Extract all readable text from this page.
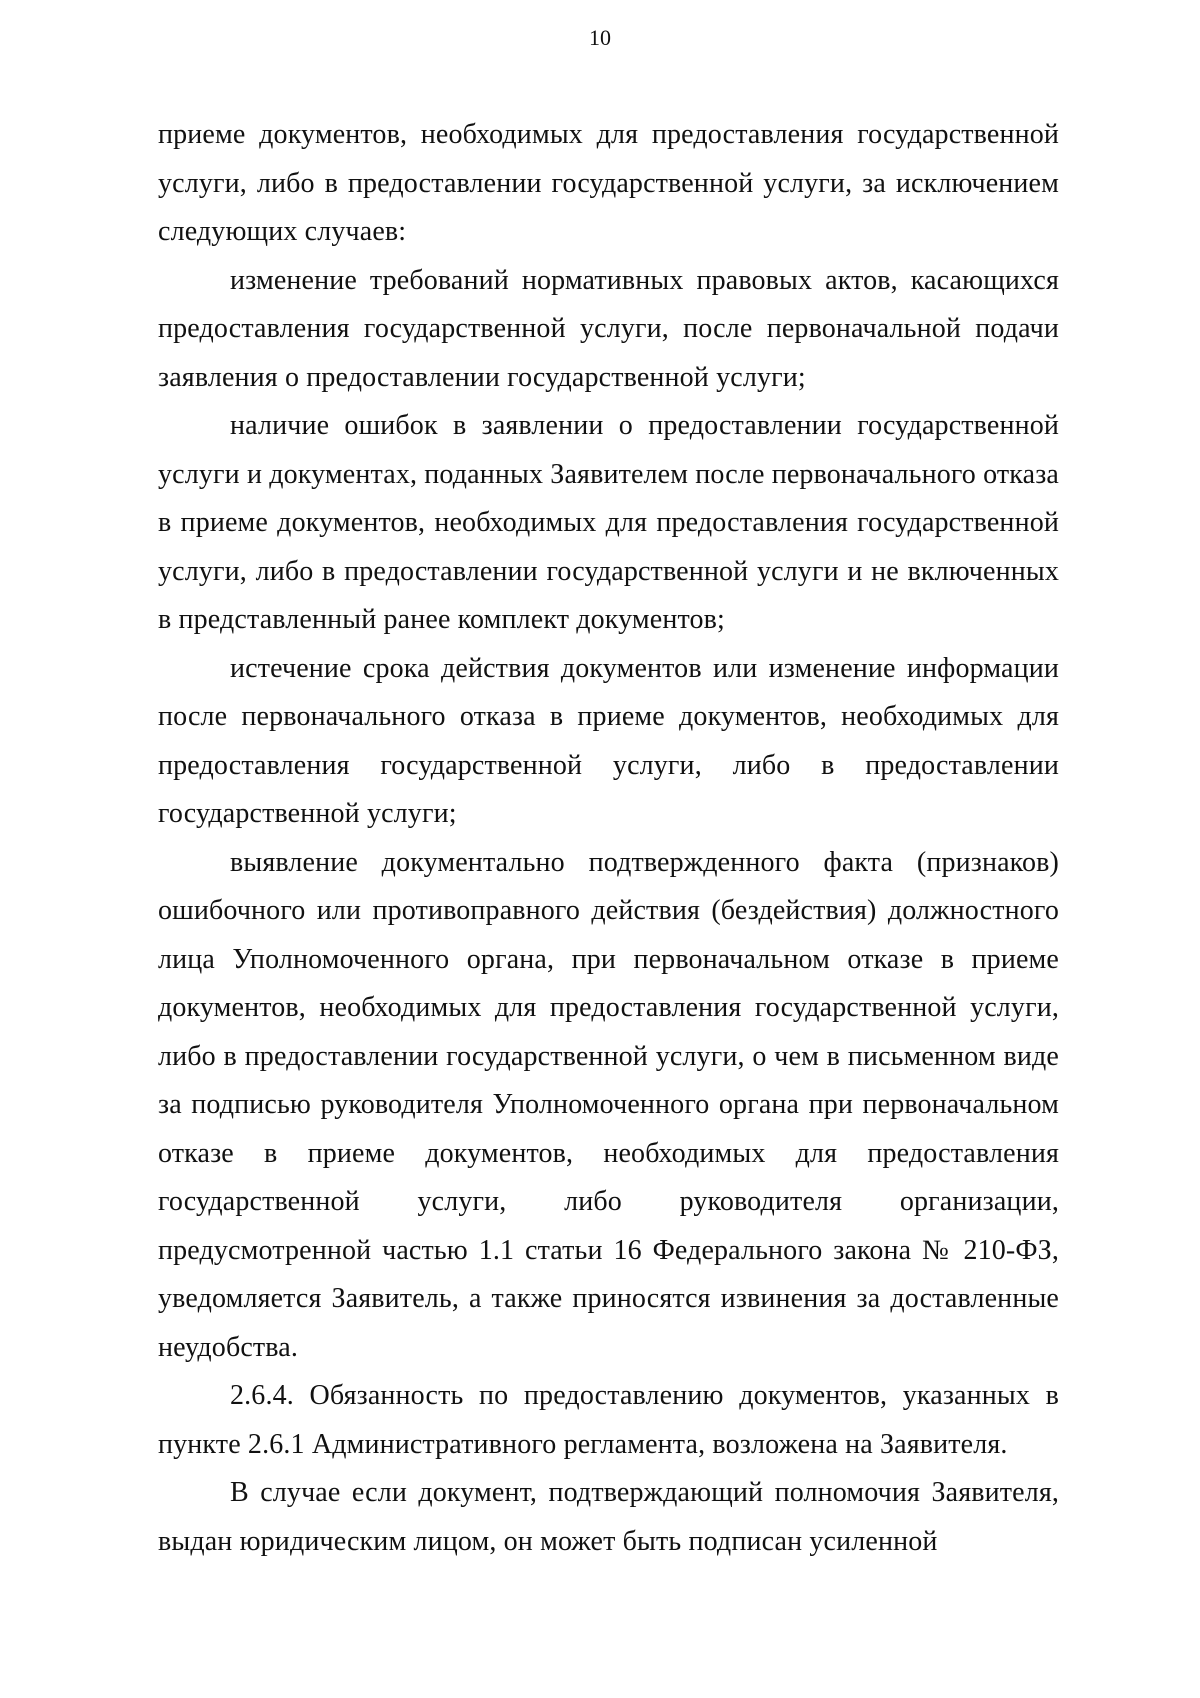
10

приеме документов, необходимых для предоставления государственной услуги, либо в предоставлении государственной услуги, за исключением следующих случаев:

изменение требований нормативных правовых актов, касающихся предоставления государственной услуги, после первоначальной подачи заявления о предоставлении государственной услуги;

наличие ошибок в заявлении о предоставлении государственной услуги и документах, поданных Заявителем после первоначального отказа в приеме документов, необходимых для предоставления государственной услуги, либо в предоставлении государственной услуги и не включенных в представленный ранее комплект документов;

истечение срока действия документов или изменение информации после первоначального отказа в приеме документов, необходимых для предоставления государственной услуги, либо в предоставлении государственной услуги;

выявление документально подтвержденного факта (признаков) ошибочного или противоправного действия (бездействия) должностного лица Уполномоченного органа, при первоначальном отказе в приеме документов, необходимых для предоставления государственной услуги, либо в предоставлении государственной услуги, о чем в письменном виде за подписью руководителя Уполномоченного органа при первоначальном отказе в приеме документов, необходимых для предоставления государственной услуги, либо руководителя организации, предусмотренной частью 1.1 статьи 16 Федерального закона № 210-ФЗ, уведомляется Заявитель, а также приносятся извинения за доставленные неудобства.

2.6.4. Обязанность по предоставлению документов, указанных в пункте 2.6.1 Административного регламента, возложена на Заявителя.

В случае если документ, подтверждающий полномочия Заявителя, выдан юридическим лицом, он может быть подписан усиленной
